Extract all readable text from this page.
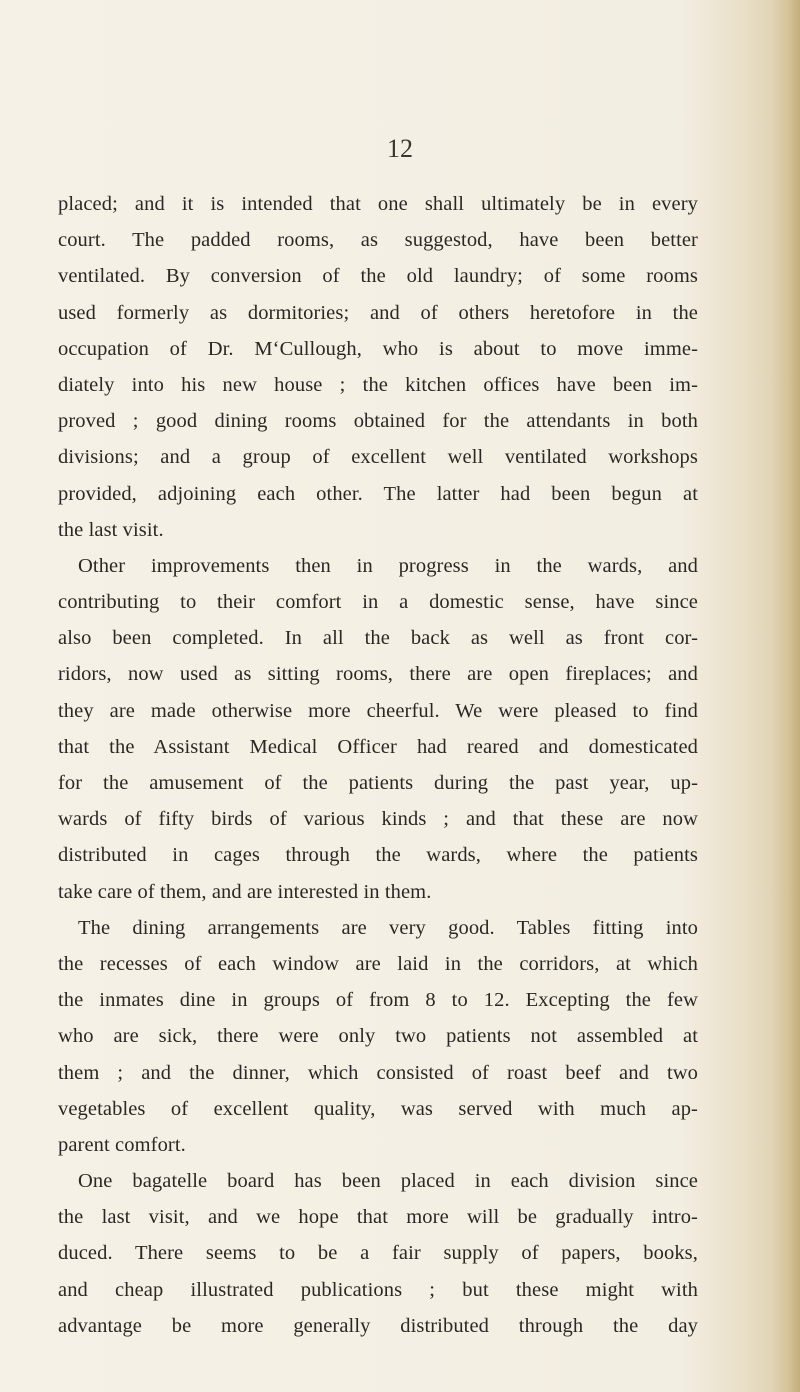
12
placed; and it is intended that one shall ultimately be in every
court. The padded rooms, as suggestod, have been better
ventilated. By conversion of the old laundry; of some rooms
used formerly as dormitories; and of others heretofore in the
occupation of Dr. M‘Cullough, who is about to move imme-
diately into his new house ; the kitchen offices have been im-
proved ; good dining rooms obtained for the attendants in both
divisions; and a group of excellent well ventilated workshops
provided, adjoining each other. The latter had been begun at
the last visit.
Other improvements then in progress in the wards, and
contributing to their comfort in a domestic sense, have since
also been completed. In all the back as well as front cor-
ridors, now used as sitting rooms, there are open fireplaces; and
they are made otherwise more cheerful. We were pleased to find
that the Assistant Medical Officer had reared and domesticated
for the amusement of the patients during the past year, up-
wards of fifty birds of various kinds ; and that these are now
distributed in cages through the wards, where the patients
take care of them, and are interested in them.
The dining arrangements are very good. Tables fitting into
the recesses of each window are laid in the corridors, at which
the inmates dine in groups of from 8 to 12. Excepting the few
who are sick, there were only two patients not assembled at
them ; and the dinner, which consisted of roast beef and two
vegetables of excellent quality, was served with much ap-
parent comfort.
One bagatelle board has been placed in each division since
the last visit, and we hope that more will be gradually intro-
duced. There seems to be a fair supply of papers, books,
and cheap illustrated publications ; but these might with
advantage be more generally distributed through the day
